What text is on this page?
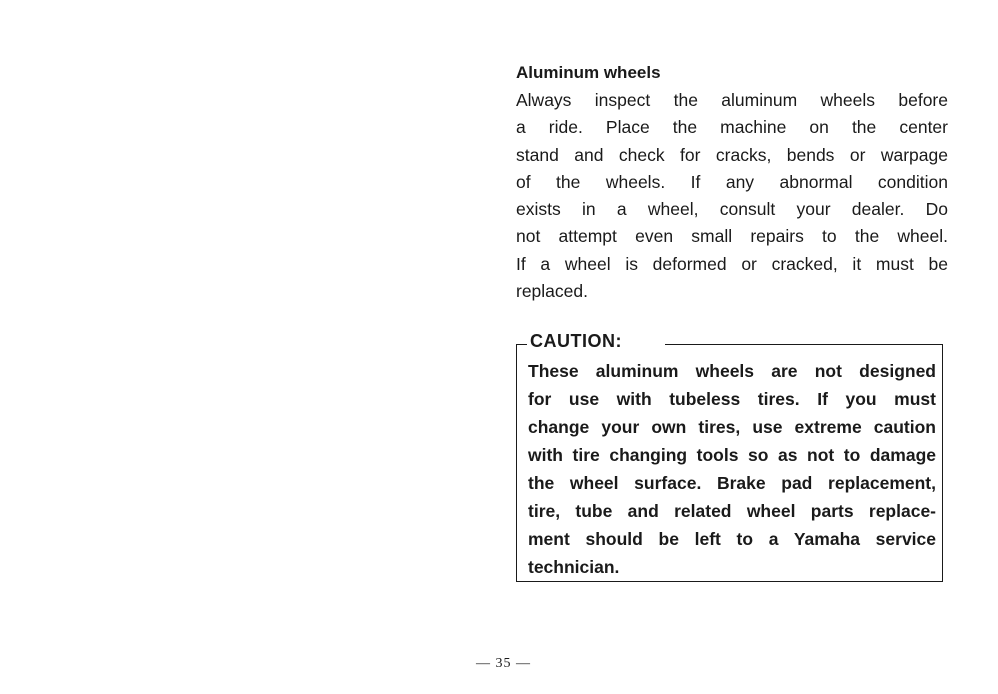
Aluminum wheels

Always inspect the aluminum wheels before
a ride. Place the machine on the center
stand and check for cracks, bends or warpage
of the wheels. If any abnormal condition
exists in a wheel, consult your dealer. Do
not attempt even small repairs to the wheel.
If a wheel is deformed or cracked, it must be
replaced.

CAUTION:

These aluminum wheels are not designed
for use with tubeless tires. If you must
change your own tires, use extreme caution
with tire changing tools so as not to damage
the wheel surface. Brake pad replacement,
tire, tube and related wheel parts replace-
ment should be left to a Yamaha service
technician.

— 35 —
